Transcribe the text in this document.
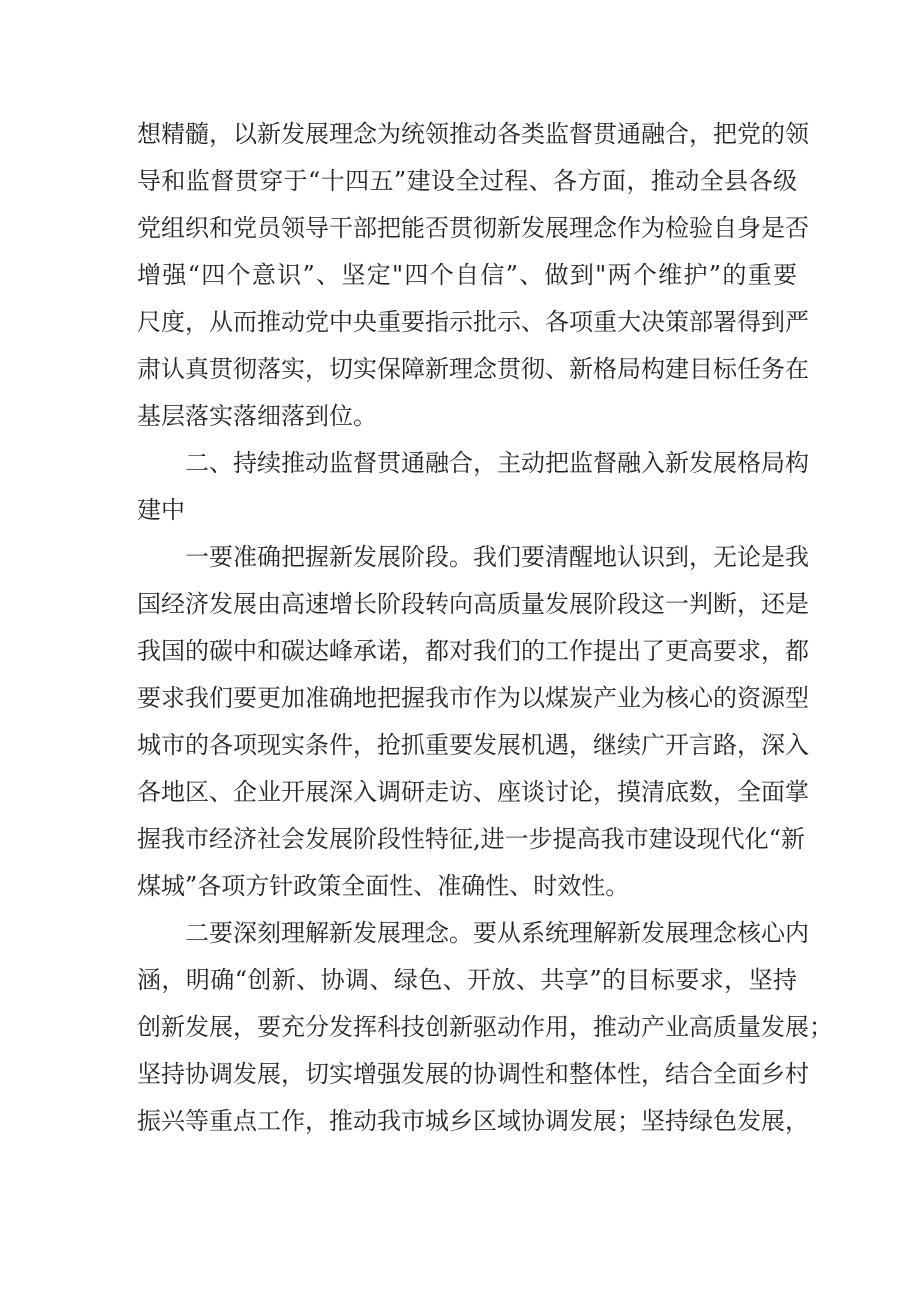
想精髓，以新发展理念为统领推动各类监督贯通融合，把党的领
导和监督贯穿于“十四五”建设全过程、各方面，推动全县各级
党组织和党员领导干部把能否贯彻新发展理念作为检验自身是否
增强“四个意识”、坚定"四个自信”、做到"两个维护”的重要
尺度，从而推动党中央重要指示批示、各项重大决策部署得到严
肃认真贯彻落实，切实保障新理念贯彻、新格局构建目标任务在
基层落实落细落到位。
二、持续推动监督贯通融合，主动把监督融入新发展格局构
建中
一要准确把握新发展阶段。我们要清醒地认识到，无论是我
国经济发展由高速增长阶段转向高质量发展阶段这一判断，还是
我国的碳中和碳达峰承诺，都对我们的工作提出了更高要求，都
要求我们要更加准确地把握我市作为以煤炭产业为核心的资源型
城市的各项现实条件，抢抓重要发展机遇，继续广开言路，深入
各地区、企业开展深入调研走访、座谈讨论，摸清底数，全面掌
握我市经济社会发展阶段性特征,进一步提高我市建设现代化“新
煤城”各项方针政策全面性、准确性、时效性。
二要深刻理解新发展理念。要从系统理解新发展理念核心内
涵，明确“创新、协调、绿色、开放、共享”的目标要求，坚持
创新发展，要充分发挥科技创新驱动作用，推动产业高质量发展；
坚持协调发展，切实增强发展的协调性和整体性，结合全面乡村
振兴等重点工作，推动我市城乡区域协调发展；坚持绿色发展，
